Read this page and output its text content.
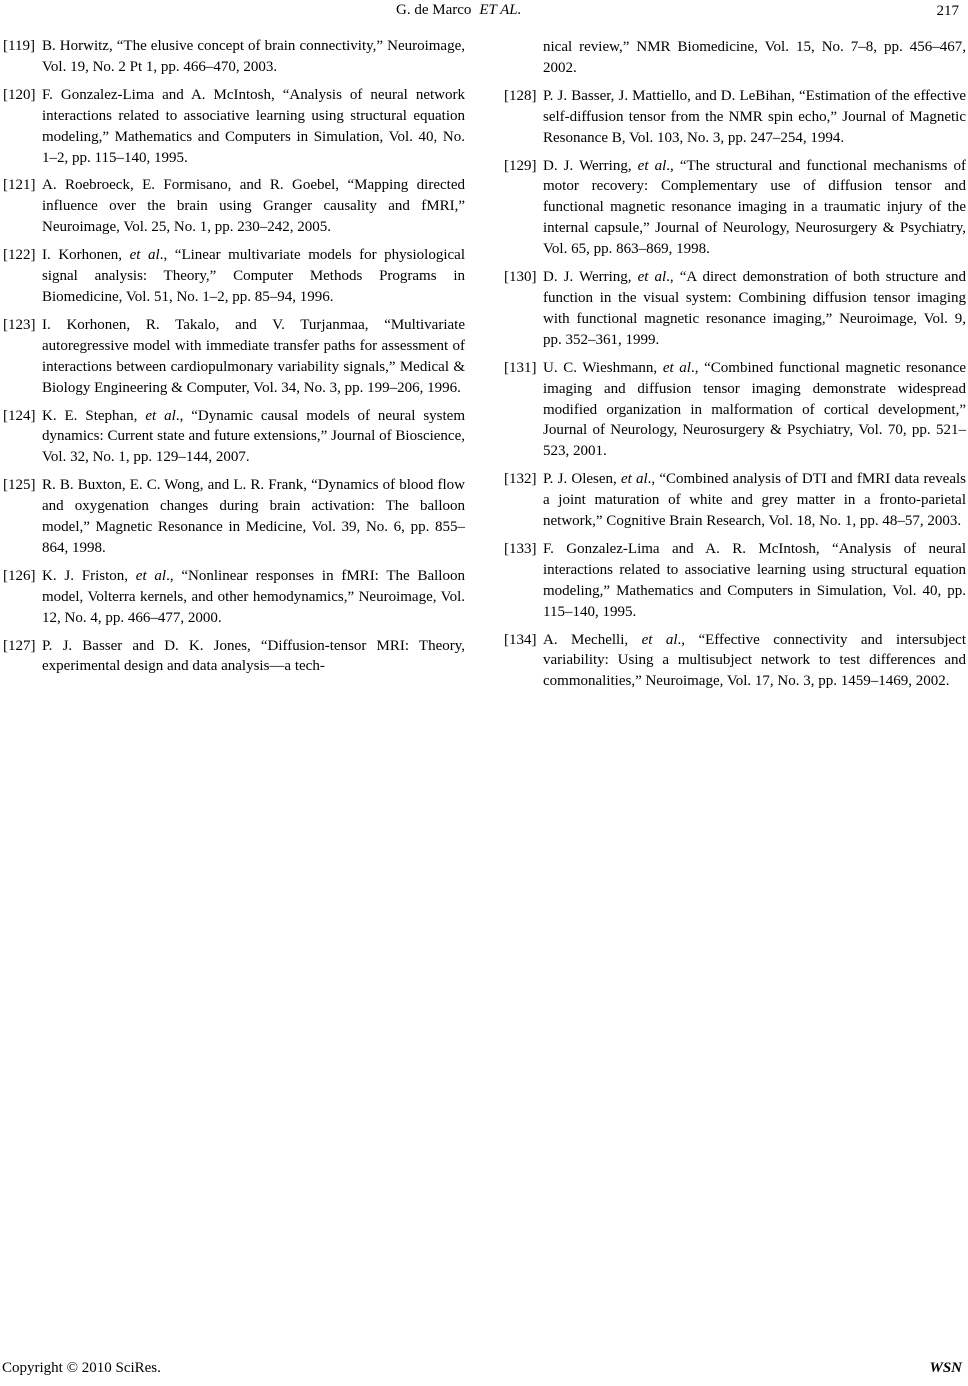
G. de Marco ET AL.	217
[119] B. Horwitz, “The elusive concept of brain connectivity,” Neuroimage, Vol. 19, No. 2 Pt 1, pp. 466–470, 2003.
[120] F. Gonzalez-Lima and A. McIntosh, “Analysis of neural network interactions related to associative learning using structural equation modeling,” Mathematics and Computers in Simulation, Vol. 40, No. 1–2, pp. 115–140, 1995.
[121] A. Roebroeck, E. Formisano, and R. Goebel, “Mapping directed influence over the brain using Granger causality and fMRI,” Neuroimage, Vol. 25, No. 1, pp. 230–242, 2005.
[122] I. Korhonen, et al., “Linear multivariate models for physiological signal analysis: Theory,” Computer Methods Programs in Biomedicine, Vol. 51, No. 1–2, pp. 85–94, 1996.
[123] I. Korhonen, R. Takalo, and V. Turjanmaa, “Multivariate autoregressive model with immediate transfer paths for assessment of interactions between cardiopulmonary variability signals,” Medical & Biology Engineering & Computer, Vol. 34, No. 3, pp. 199–206, 1996.
[124] K. E. Stephan, et al., “Dynamic causal models of neural system dynamics: Current state and future extensions,” Journal of Bioscience, Vol. 32, No. 1, pp. 129–144, 2007.
[125] R. B. Buxton, E. C. Wong, and L. R. Frank, “Dynamics of blood flow and oxygenation changes during brain activation: The balloon model,” Magnetic Resonance in Medicine, Vol. 39, No. 6, pp. 855–864, 1998.
[126] K. J. Friston, et al., “Nonlinear responses in fMRI: The Balloon model, Volterra kernels, and other hemodynamics,” Neuroimage, Vol. 12, No. 4, pp. 466–477, 2000.
[127] P. J. Basser and D. K. Jones, “Diffusion-tensor MRI: Theory, experimental design and data analysis—a tech-
nical review,” NMR Biomedicine, Vol. 15, No. 7–8, pp. 456–467, 2002.
[128] P. J. Basser, J. Mattiello, and D. LeBihan, “Estimation of the effective self-diffusion tensor from the NMR spin echo,” Journal of Magnetic Resonance B, Vol. 103, No. 3, pp. 247–254, 1994.
[129] D. J. Werring, et al., “The structural and functional mechanisms of motor recovery: Complementary use of diffusion tensor and functional magnetic resonance imaging in a traumatic injury of the internal capsule,” Journal of Neurology, Neurosurgery & Psychiatry, Vol. 65, pp. 863–869, 1998.
[130] D. J. Werring, et al., “A direct demonstration of both structure and function in the visual system: Combining diffusion tensor imaging with functional magnetic resonance imaging,” Neuroimage, Vol. 9, pp. 352–361, 1999.
[131] U. C. Wieshmann, et al., “Combined functional magnetic resonance imaging and diffusion tensor imaging demonstrate widespread modified organization in malformation of cortical development,” Journal of Neurology, Neurosurgery & Psychiatry, Vol. 70, pp. 521–523, 2001.
[132] P. J. Olesen, et al., “Combined analysis of DTI and fMRI data reveals a joint maturation of white and grey matter in a fronto-parietal network,” Cognitive Brain Research, Vol. 18, No. 1, pp. 48–57, 2003.
[133] F. Gonzalez-Lima and A. R. McIntosh, “Analysis of neural interactions related to associative learning using structural equation modeling,” Mathematics and Computers in Simulation, Vol. 40, pp. 115–140, 1995.
[134] A. Mechelli, et al., “Effective connectivity and intersubject variability: Using a multisubject network to test differences and commonalities,” Neuroimage, Vol. 17, No. 3, pp. 1459–1469, 2002.
Copyright © 2010 SciRes.	WSN
